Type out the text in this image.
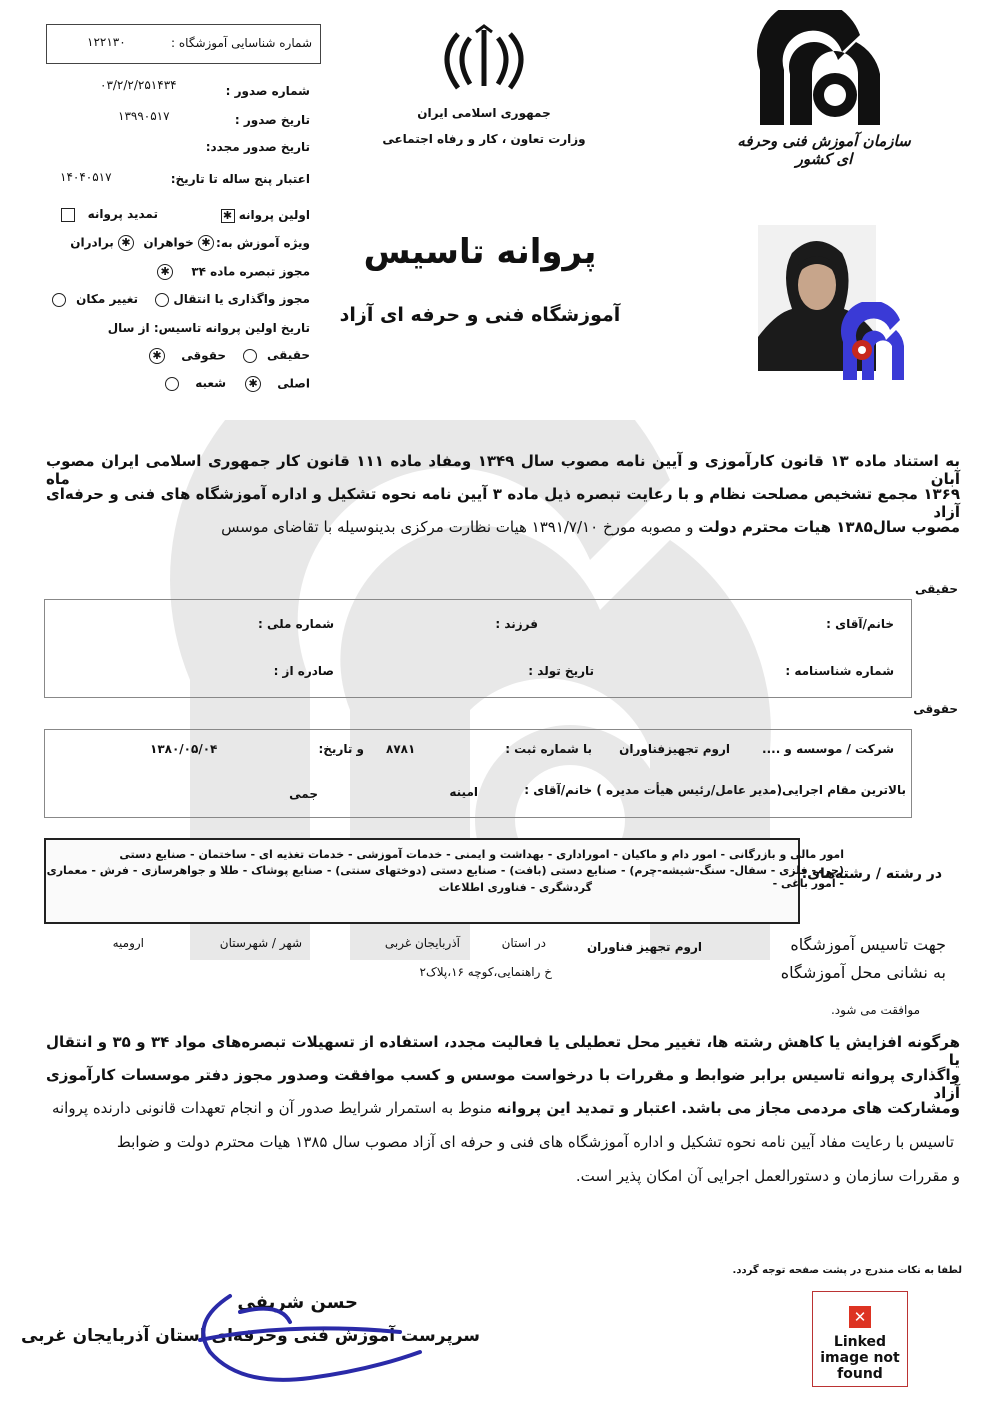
شماره شناسایی آموزشگاه :
۱۲۲۱۳۰
شماره صدور :
۰۳/۲/۲/۲۵۱۴۳۴
تاریخ صدور :
۱۳۹۹۰۵۱۷
تاریخ صدور مجدد:
اعتبار پنج ساله تا تاریخ:
۱۴۰۴۰۵۱۷
اولین پروانه ✱
تمدید پروانه
ویژه آموزش به:
✱ خواهران
✱ برادران
مجوز تبصره ماده ۳۴ ✱
مجوز واگذاری یا انتقال
تغییر مکان
تاریخ اولین پروانه تاسیس: از سال
حقیقی
حقوقی ✱
اصلی ✱
شعبه
جمهوری اسلامی ایران
وزارت تعاون ، کار و رفاه اجتماعی	سازمان آموزش فنی وحرفه ای کشور
پروانه تاسیس
آموزشگاه فنی و حرفه ای آزاد
به استناد ماده ۱۳ قانون کارآموزی و آیین نامه مصوب سال ۱۳۴۹ ومفاد ماده ۱۱۱ قانون کار جمهوری اسلامی ایران مصوب آبان ماه
۱۳۶۹ مجمع تشخیص مصلحت نظام و با رعایت تبصره ذیل ماده ۳ آیین نامه نحوه تشکیل و اداره آموزشگاه های فنی و حرفه‌ای آزاد
مصوب سال۱۳۸۵ هیات محترم دولت و مصوبه مورخ ۱۳۹۱/۷/۱۰ هیات نظارت مرکزی بدینوسیله با تقاضای موسس
حقیقی
خانم/آقای :
فرزند :
شماره ملی :
شماره شناسنامه :
تاریخ تولد :
صادره از :
حقوقی
شرکت / موسسه و ....
اروم تجهیزفناوران
با شماره ثبت :
۸۷۸۱
و تاریخ:
۱۳۸۰/۰۵/۰۴
بالاترین مقام اجرایی(مدیر عامل/رئیس هیأت مدیره ) خانم/آقای :
امینه
جمی
در رشته / رشته‌های:
امور مالی و بازرگانی - امور دام و ماکیان - اموراداری - بهداشت و ایمنی - خدمات آموزشی - خدمات تغذیه ای - ساختمان - صنایع دستی
(چرم- فلزی - سفال- سنگ-شیشه-چرم) - صنایع دستی (بافت) - صنایع دستی (دوختهای سنتی) - صنایع پوشاک - طلا و جواهرسازی - فرش - معماری - امور باغی -
گردشگری - فناوری اطلاعات
جهت تاسیس آموزشگاه
اروم تجهیز فناوران
در استان
آذربایجان غربی
شهر / شهرستان
ارومیه
به نشانی محل آموزشگاه
خ راهنمایی،کوچه ۱۶،پلاک۲
موافقت می شود.
هرگونه افزایش یا کاهش رشته ها، تغییر محل تعطیلی یا فعالیت مجدد، استفاده از تسهیلات تبصره‌های مواد ۳۴ و ۳۵ و انتقال یا
واگذاری پروانه تاسیس برابر ضوابط و مقررات با درخواست موسس و کسب موافقت وصدور مجوز دفتر موسسات کارآموزی آزاد
ومشارکت های مردمی مجاز می باشد. اعتبار و تمدید این پروانه منوط به استمرار شرایط صدور آن و انجام تعهدات قانونی دارنده پروانه
تاسیس با رعایت مفاد آیین نامه نحوه تشکیل و اداره آموزشگاه های فنی و حرفه ای آزاد مصوب سال ۱۳۸۵ هیات محترم دولت و ضوابط
و مقررات سازمان و دستورالعمل اجرایی آن امکان پذیر است.
لطفا به نکات مندرج در پشت صفحه توجه گردد.
حسن شریفی
سرپرست آموزش فنی وحرفه‌ای استان آذربایجان غربی
✕
Linked image not found
